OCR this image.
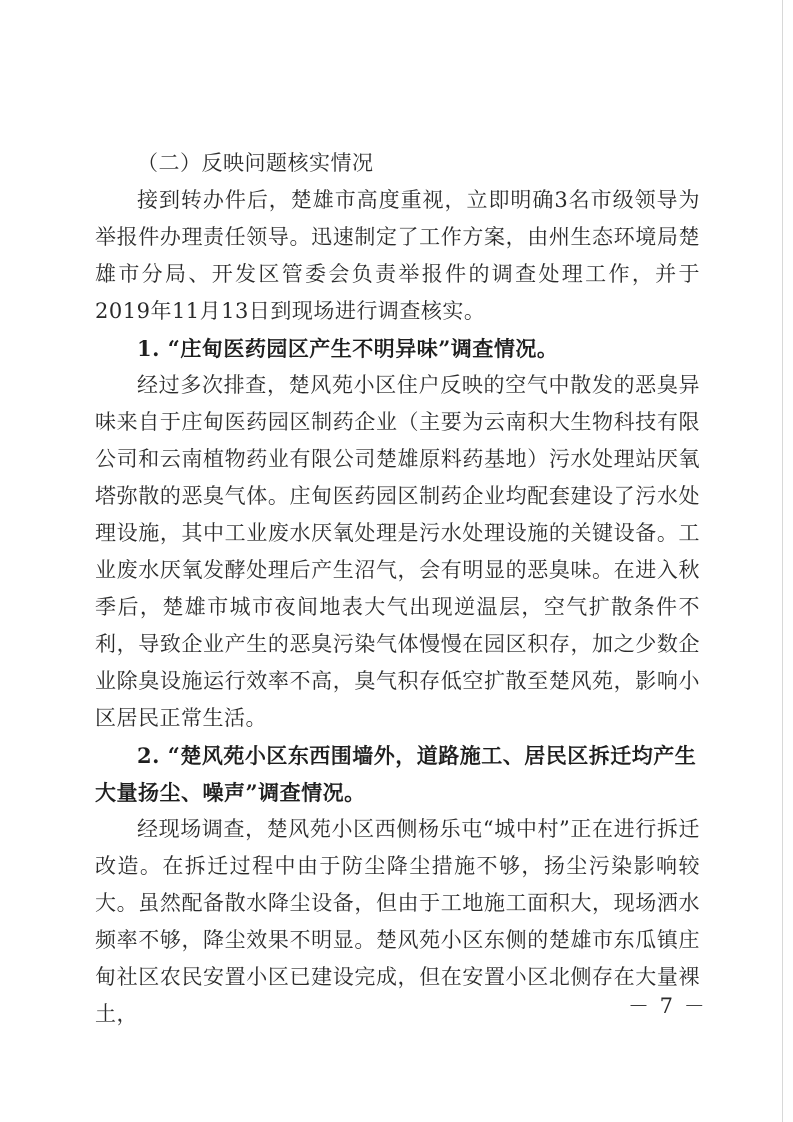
（二）反映问题核实情况

接到转办件后，楚雄市高度重视，立即明确3名市级领导为举报件办理责任领导。迅速制定了工作方案，由州生态环境局楚雄市分局、开发区管委会负责举报件的调查处理工作，并于2019年11月13日到现场进行调查核实。

1. “庄甸医药园区产生不明异味”调查情况。

经过多次排查，楚风苑小区住户反映的空气中散发的恶臭异味来自于庄甸医药园区制药企业（主要为云南积大生物科技有限公司和云南植物药业有限公司楚雄原料药基地）污水处理站厌氧塔弥散的恶臭气体。庄甸医药园区制药企业均配套建设了污水处理设施，其中工业废水厌氧处理是污水处理设施的关键设备。工业废水厌氧发酵处理后产生沼气，会有明显的恶臭味。在进入秋季后，楚雄市城市夜间地表大气出现逆温层，空气扩散条件不利，导致企业产生的恶臭污染气体慢慢在园区积存，加之少数企业除臭设施运行效率不高，臭气积存低空扩散至楚风苑，影响小区居民正常生活。

2. “楚风苑小区东西围墙外，道路施工、居民区拆迁均产生大量扬尘、噪声”调查情况。

经现场调查，楚风苑小区西侧杨乐屯“城中村”正在进行拆迁改造。在拆迁过程中由于防尘降尘措施不够，扬尘污染影响较大。虽然配备散水降尘设备，但由于工地施工面积大，现场洒水频率不够，降尘效果不明显。楚风苑小区东侧的楚雄市东瓜镇庄甸社区农民安置小区已建设完成，但在安置小区北侧存在大量裸土，	－ 7 －
